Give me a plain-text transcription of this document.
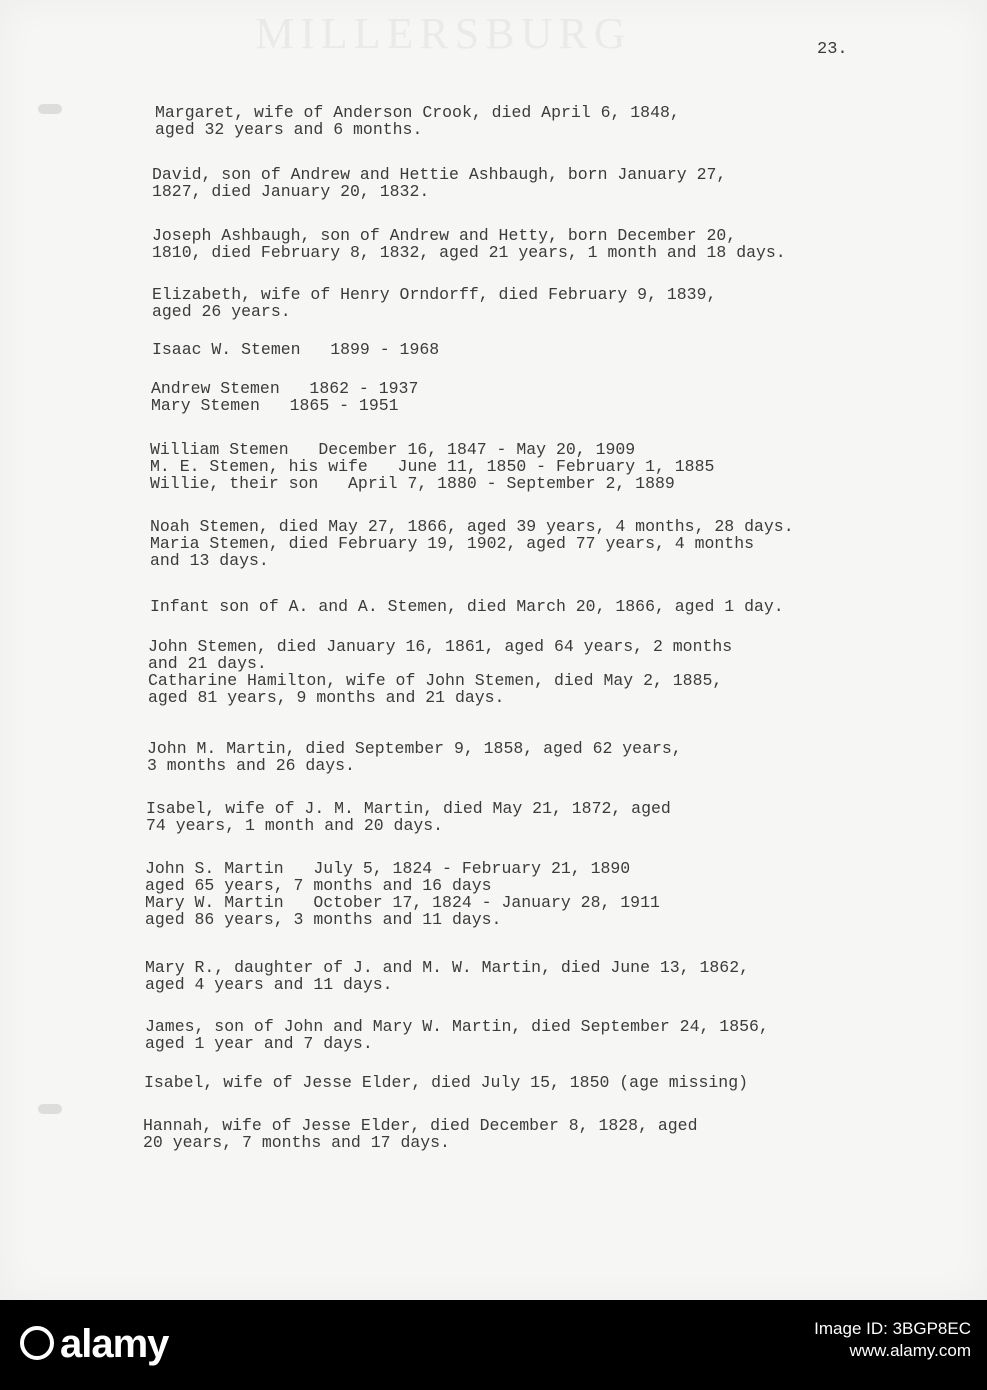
MILLERSBURG	23.
Margaret, wife of Anderson Crook, died April 6, 1848,
aged 32 years and 6 months.
David, son of Andrew and Hettie Ashbaugh, born January 27,
1827, died January 20, 1832.
Joseph Ashbaugh, son of Andrew and Hetty, born December 20,
1810, died February 8, 1832, aged 21 years, 1 month and 18 days.
Elizabeth, wife of Henry Orndorff, died February 9, 1839,
aged 26 years.
Isaac W. Stemen   1899 - 1968
Andrew Stemen   1862 - 1937
Mary Stemen   1865 - 1951
William Stemen   December 16, 1847 - May 20, 1909
M. E. Stemen, his wife   June 11, 1850 - February 1, 1885
Willie, their son   April 7, 1880 - September 2, 1889
Noah Stemen, died May 27, 1866, aged 39 years, 4 months, 28 days.
Maria Stemen, died February 19, 1902, aged 77 years, 4 months
and 13 days.
Infant son of A. and A. Stemen, died March 20, 1866, aged 1 day.
John Stemen, died January 16, 1861, aged 64 years, 2 months
and 21 days.
Catharine Hamilton, wife of John Stemen, died May 2, 1885,
aged 81 years, 9 months and 21 days.
John M. Martin, died September 9, 1858, aged 62 years,
3 months and 26 days.
Isabel, wife of J. M. Martin, died May 21, 1872, aged
74 years, 1 month and 20 days.
John S. Martin   July 5, 1824 - February 21, 1890
aged 65 years, 7 months and 16 days
Mary W. Martin   October 17, 1824 - January 28, 1911
aged 86 years, 3 months and 11 days.
Mary R., daughter of J. and M. W. Martin, died June 13, 1862,
aged 4 years and 11 days.
James, son of John and Mary W. Martin, died September 24, 1856,
aged 1 year and 7 days.
Isabel, wife of Jesse Elder, died July 15, 1850 (age missing)
Hannah, wife of Jesse Elder, died December 8, 1828, aged
20 years, 7 months and 17 days.
alamy	Image ID: 3BGP8EC
www.alamy.com
